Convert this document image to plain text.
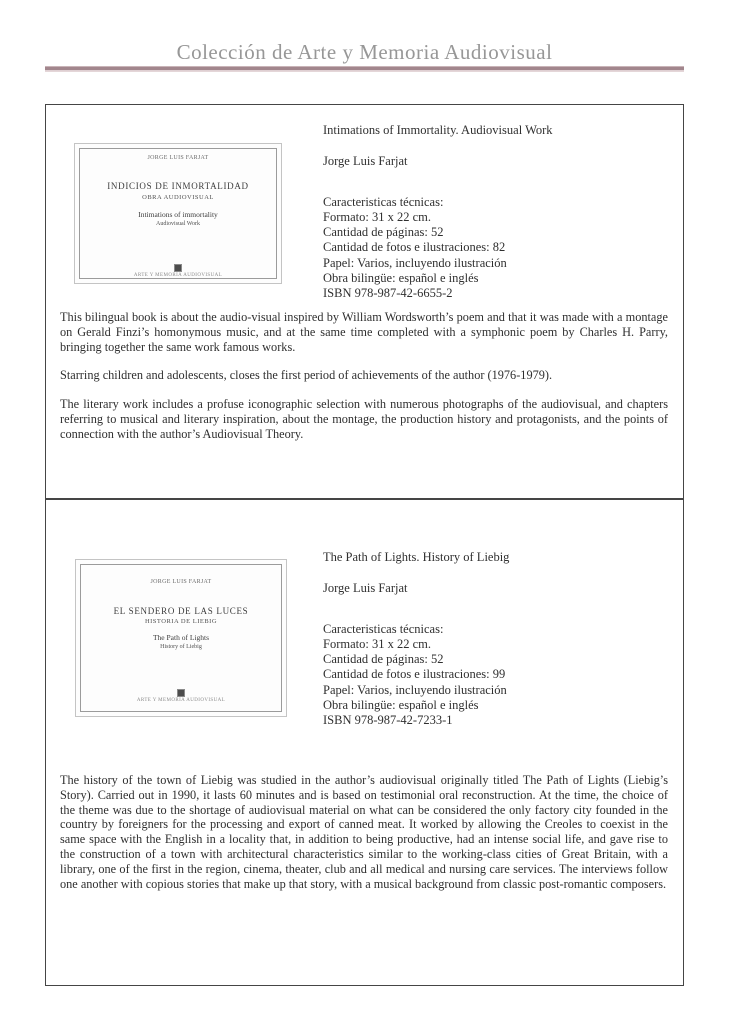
Colección de Arte y Memoria Audiovisual
JORGE LUIS FARJAT
INDICIOS DE INMORTALIDAD
OBRA AUDIOVISUAL
Intimations of immortality
Audiovisual Work
ARTE Y MEMORIA AUDIOVISUAL

Intimations of Immortality. Audiovisual Work

Jorge Luis Farjat

Caracteristicas técnicas:

Formato: 31 x 22 cm.

Cantidad de páginas: 52

Cantidad de fotos e ilustraciones: 82

Papel: Varios, incluyendo ilustración

Obra bilingüe: español e inglés

ISBN 978-987-42-6655-2

This bilingual book is about the audio-visual inspired by William Wordsworth’s poem and that it was made with a montage on Gerald Finzi’s homonymous music, and at the same time completed with a symphonic poem by Charles H. Parry, bringing together the same work famous works.

Starring children and adolescents, closes the first period of achievements of the author (1976-1979).

The literary work includes a profuse iconographic selection with numerous photographs of the audiovisual, and chapters referring to musical and literary inspiration, about the montage, the production history and protagonists, and the points of connection with the author’s Audiovisual Theory.

JORGE LUIS FARJAT
EL SENDERO DE LAS LUCES
HISTORIA DE LIEBIG
The Path of Lights
History of Liebig
ARTE Y MEMORIA AUDIOVISUAL

The Path of Lights. History of Liebig

Jorge Luis Farjat

Caracteristicas técnicas:

Formato: 31 x 22 cm.

Cantidad de páginas: 52

Cantidad de fotos e ilustraciones: 99

Papel: Varios, incluyendo ilustración

Obra bilingüe: español e inglés

ISBN 978-987-42-7233-1

The history of the town of Liebig was studied in the author’s audiovisual originally titled The Path of Lights (Liebig’s Story). Carried out in 1990, it lasts 60 minutes and is based on testimonial oral reconstruction. At the time, the choice of the theme was due to the shortage of audiovisual material on what can be considered the only factory city founded in the country by foreigners for the processing and export of canned meat. It worked by allowing the Creoles to coexist in the same space with the English in a locality that, in addition to being productive, had an intense social life, and gave rise to the construction of a town with architectural characteristics similar to the working-class cities of Great Britain, with a library, one of the first in the region, cinema, theater, club and all medical and nursing care services. The interviews follow one another with copious stories that make up that story, with a musical background from classic post-romantic composers.
